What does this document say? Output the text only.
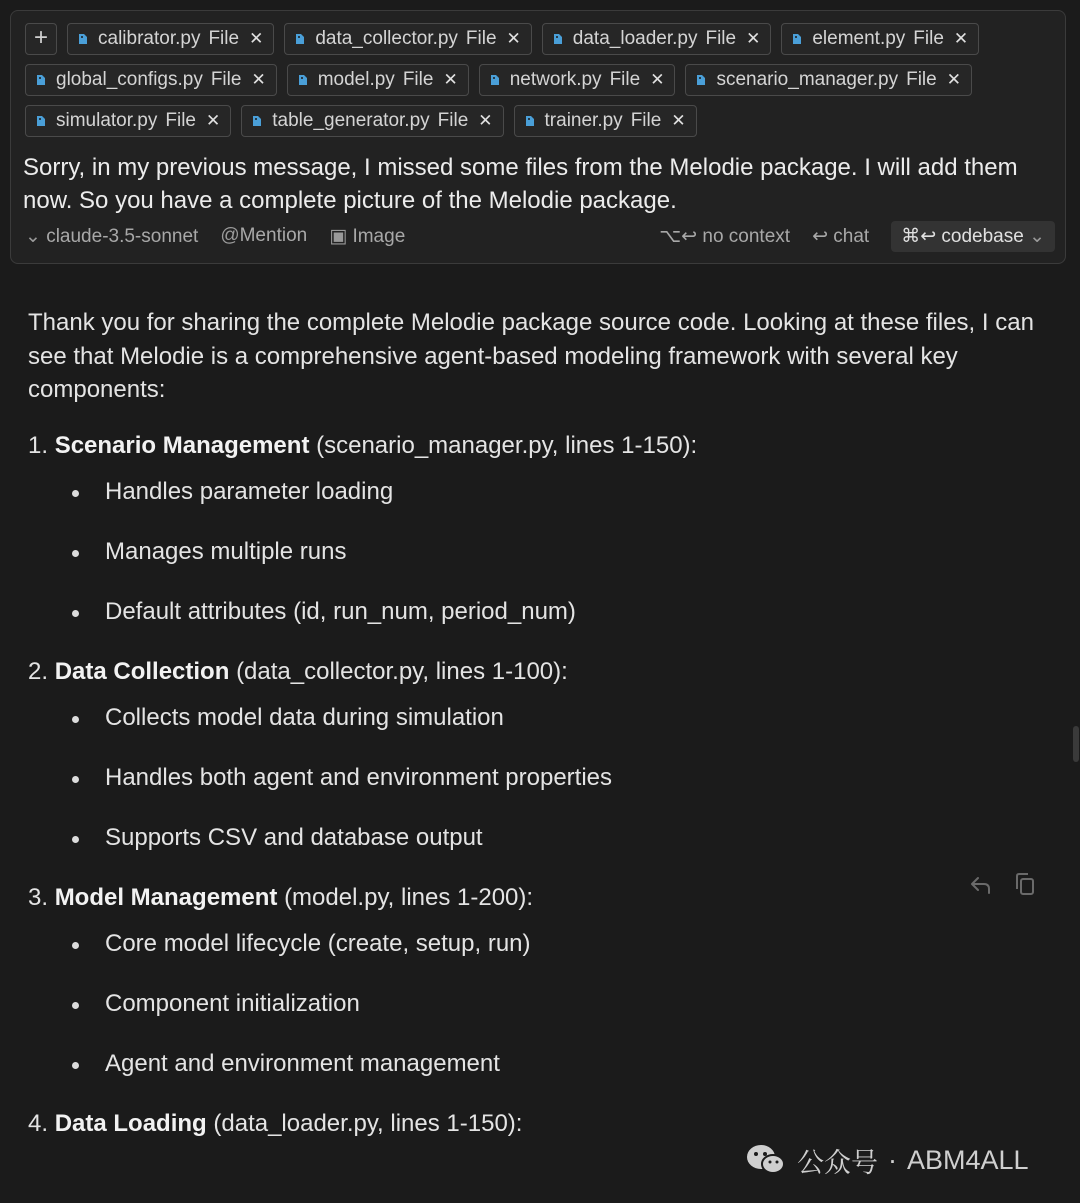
+	calibrator.py File ✕	data_collector.py File ✕	data_loader.py File ✕	element.py File ✕
global_configs.py File ✕	model.py File ✕	network.py File ✕	scenario_manager.py File ✕
simulator.py File ✕	table_generator.py File ✕	trainer.py File ✕
Sorry, in my previous message, I missed some files from the Melodie package. I will add them now. So you have a complete picture of the Melodie package.
⌄ claude-3.5-sonnet @Mention ▣ Image	⌥↩ no context ↩ chat	⌘↩ codebase ⌄

Thank you for sharing the complete Melodie package source code. Looking at these files, I can see that Melodie is a comprehensive agent-based modeling framework with several key components:

1. Scenario Management (scenario_manager.py, lines 1-150):

Handles parameter loading
Manages multiple runs
Default attributes (id, run_num, period_num)

2. Data Collection (data_collector.py, lines 1-100):

Collects model data during simulation
Handles both agent and environment properties
Supports CSV and database output

3. Model Management (model.py, lines 1-200):

Core model lifecycle (create, setup, run)
Component initialization
Agent and environment management

4. Data Loading (data_loader.py, lines 1-150):

公众号 · ABM4ALL
